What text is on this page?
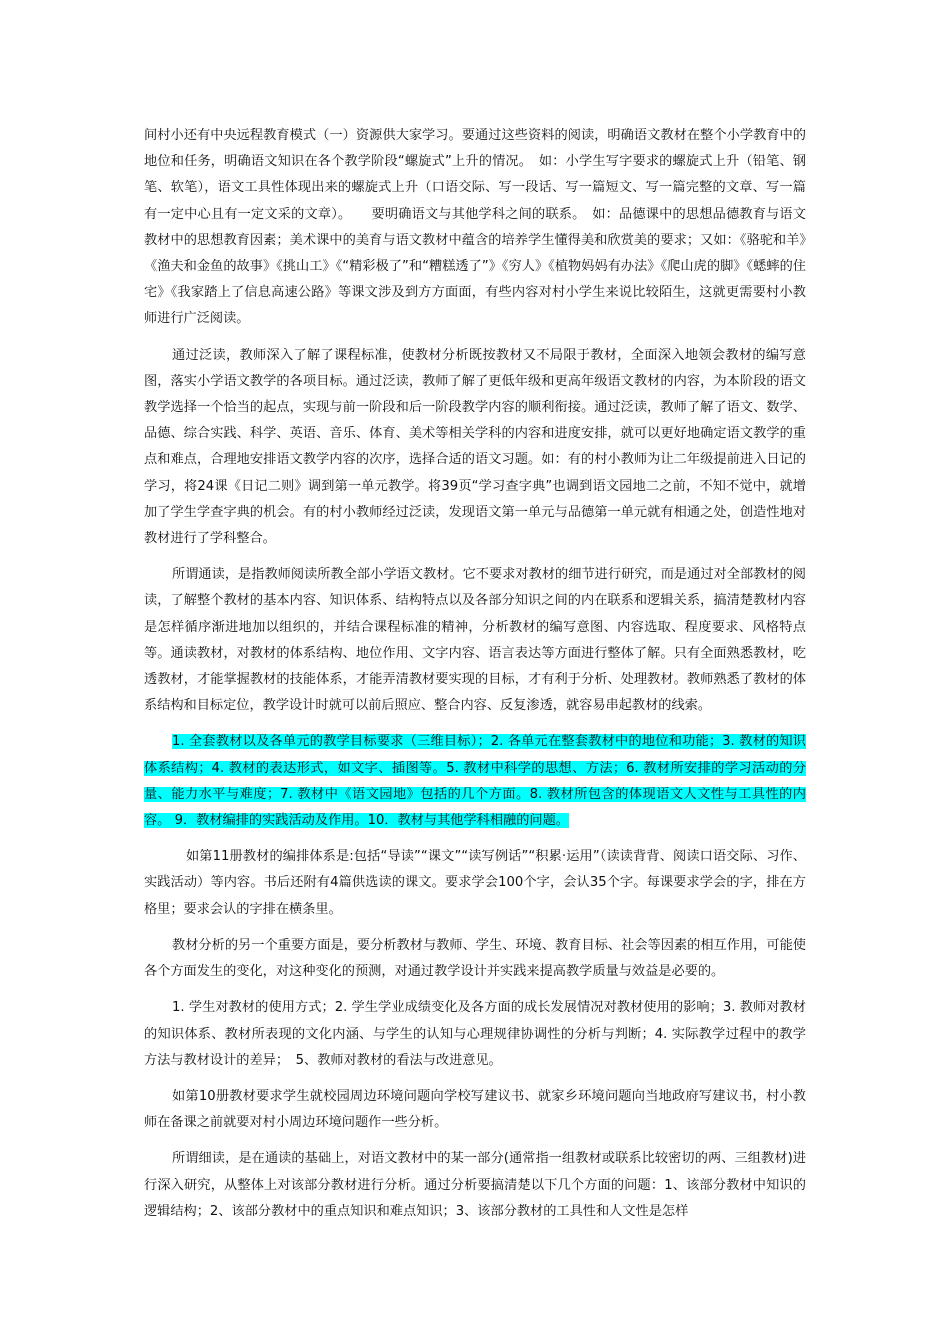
间村小还有中央远程教育模式（一）资源供大家学习。要通过这些资料的阅读，明确语文教材在整个小学教育中的地位和任务，明确语文知识在各个教学阶段“螺旋式”上升的情况。　如：小学生写字要求的螺旋式上升（铅笔、钢笔、软笔），语文工具性体现出来的螺旋式上升（口语交际、写一段话、写一篇短文、写一篇完整的文章、写一篇有一定中心且有一定文采的文章）。　　要明确语文与其他学科之间的联系。　如：品德课中的思想品德教育与语文教材中的思想教育因素；美术课中的美育与语文教材中蕴含的培养学生懂得美和欣赏美的要求；又如：《骆驼和羊》《渔夫和金鱼的故事》《挑山工》《“精彩极了”和“糟糕透了”》《穷人》《植物妈妈有办法》《爬山虎的脚》《蟋蟀的住宅》《我家踏上了信息高速公路》等课文涉及到方方面面，有些内容对村小学生来说比较陌生，这就更需要村小教师进行广泛阅读。

通过泛读，教师深入了解了课程标准，使教材分析既按教材又不局限于教材，全面深入地领会教材的编写意图，落实小学语文教学的各项目标。通过泛读，教师了解了更低年级和更高年级语文教材的内容，为本阶段的语文教学选择一个恰当的起点，实现与前一阶段和后一阶段教学内容的顺利衔接。通过泛读，教师了解了语文、数学、品德、综合实践、科学、英语、音乐、体育、美术等相关学科的内容和进度安排，就可以更好地确定语文教学的重点和难点，合理地安排语文教学内容的次序，选择合适的语文习题。如：有的村小教师为让二年级提前进入日记的学习，将24课《日记二则》调到第一单元教学。将39页“学习查字典”也调到语文园地二之前，不知不觉中，就增加了学生学查字典的机会。有的村小教师经过泛读，发现语文第一单元与品德第一单元就有相通之处，创造性地对教材进行了学科整合。

所谓通读，是指教师阅读所教全部小学语文教材。它不要求对教材的细节进行研究，而是通过对全部教材的阅读，了解整个教材的基本内容、知识体系、结构特点以及各部分知识之间的内在联系和逻辑关系，搞清楚教材内容是怎样循序渐进地加以组织的，并结合课程标准的精神，分析教材的编写意图、内容选取、程度要求、风格特点等。通读教材，对教材的体系结构、地位作用、文字内容、语言表达等方面进行整体了解。只有全面熟悉教材，吃透教材，才能掌握教材的技能体系，才能弄清教材要实现的目标，才有利于分析、处理教材。教师熟悉了教材的体系结构和目标定位，教学设计时就可以前后照应、整合内容、反复渗透，就容易串起教材的线索。

1. 全套教材以及各单元的教学目标要求（三维目标）；2. 各单元在整套教材中的地位和功能；3. 教材的知识体系结构；4. 教材的表达形式，如文字、插图等。5. 教材中科学的思想、方法；6. 教材所安排的学习活动的分量、能力水平与难度；7. 教材中《语文园地》包括的几个方面。8. 教材所包含的体现语文人文性与工具性的内容。 9．教材编排的实践活动及作用。10．教材与其他学科相融的问题。

如第11册教材的编排体系是:包括“导读”“课文”“读写例话”“积累·运用”（读读背背、阅读口语交际、习作、实践活动）等内容。书后还附有4篇供选读的课文。要求学会100个字，会认35个字。每课要求学会的字，排在方格里；要求会认的字排在横条里。

教材分析的另一个重要方面是，要分析教材与教师、学生、环境、教育目标、社会等因素的相互作用，可能使各个方面发生的变化，对这种变化的预测，对通过教学设计并实践来提高教学质量与效益是必要的。

1. 学生对教材的使用方式；2. 学生学业成绩变化及各方面的成长发展情况对教材使用的影响；3. 教师对教材的知识体系、教材所表现的文化内涵、与学生的认知与心理规律协调性的分析与判断；4. 实际教学过程中的教学方法与教材设计的差异；　5、教师对教材的看法与改进意见。

如第10册教材要求学生就校园周边环境问题向学校写建议书、就家乡环境问题向当地政府写建议书，村小教师在备课之前就要对村小周边环境问题作一些分析。

所谓细读，是在通读的基础上，对语文教材中的某一部分(通常指一组教材或联系比较密切的两、三组教材)进行深入研究，从整体上对该部分教材进行分析。通过分析要搞清楚以下几个方面的问题：1、该部分教材中知识的逻辑结构；2、该部分教材中的重点知识和难点知识；3、该部分教材的工具性和人文性是怎样
